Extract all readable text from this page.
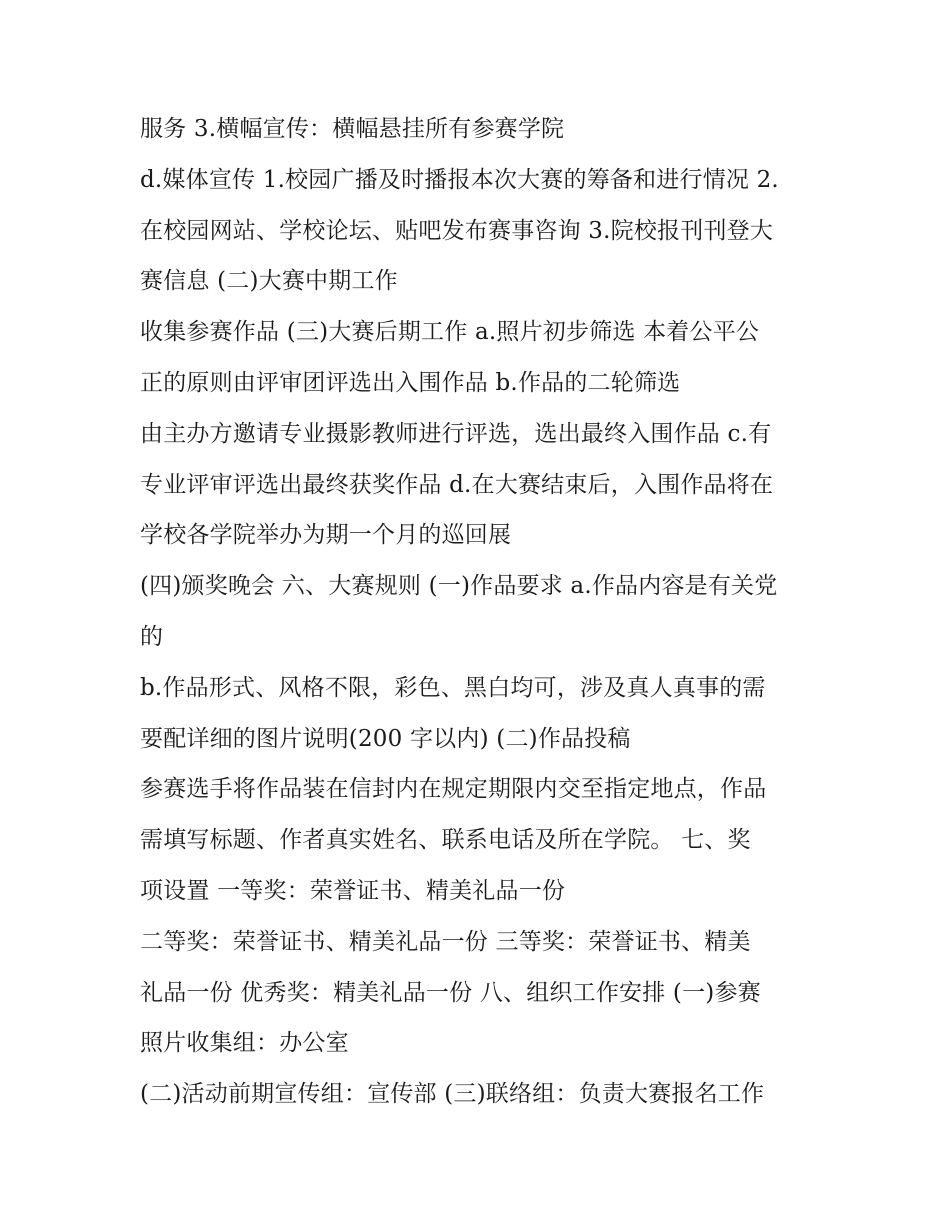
服务 3.横幅宣传：横幅悬挂所有参赛学院
d.媒体宣传 1.校园广播及时播报本次大赛的筹备和进行情况 2.
在校园网站、学校论坛、贴吧发布赛事咨询 3.院校报刊刊登大
赛信息 (二)大赛中期工作
收集参赛作品 (三)大赛后期工作 a.照片初步筛选 本着公平公
正的原则由评审团评选出入围作品 b.作品的二轮筛选
由主办方邀请专业摄影教师进行评选，选出最终入围作品 c.有
专业评审评选出最终获奖作品 d.在大赛结束后，入围作品将在
学校各学院举办为期一个月的巡回展
(四)颁奖晚会 六、大赛规则 (一)作品要求 a.作品内容是有关党
的
b.作品形式、风格不限，彩色、黑白均可，涉及真人真事的需
要配详细的图片说明(200 字以内) (二)作品投稿
参赛选手将作品装在信封内在规定期限内交至指定地点，作品
需填写标题、作者真实姓名、联系电话及所在学院。 七、奖
项设置 一等奖：荣誉证书、精美礼品一份
二等奖：荣誉证书、精美礼品一份 三等奖：荣誉证书、精美
礼品一份 优秀奖：精美礼品一份 八、组织工作安排 (一)参赛
照片收集组：办公室
(二)活动前期宣传组：宣传部 (三)联络组：负责大赛报名工作
